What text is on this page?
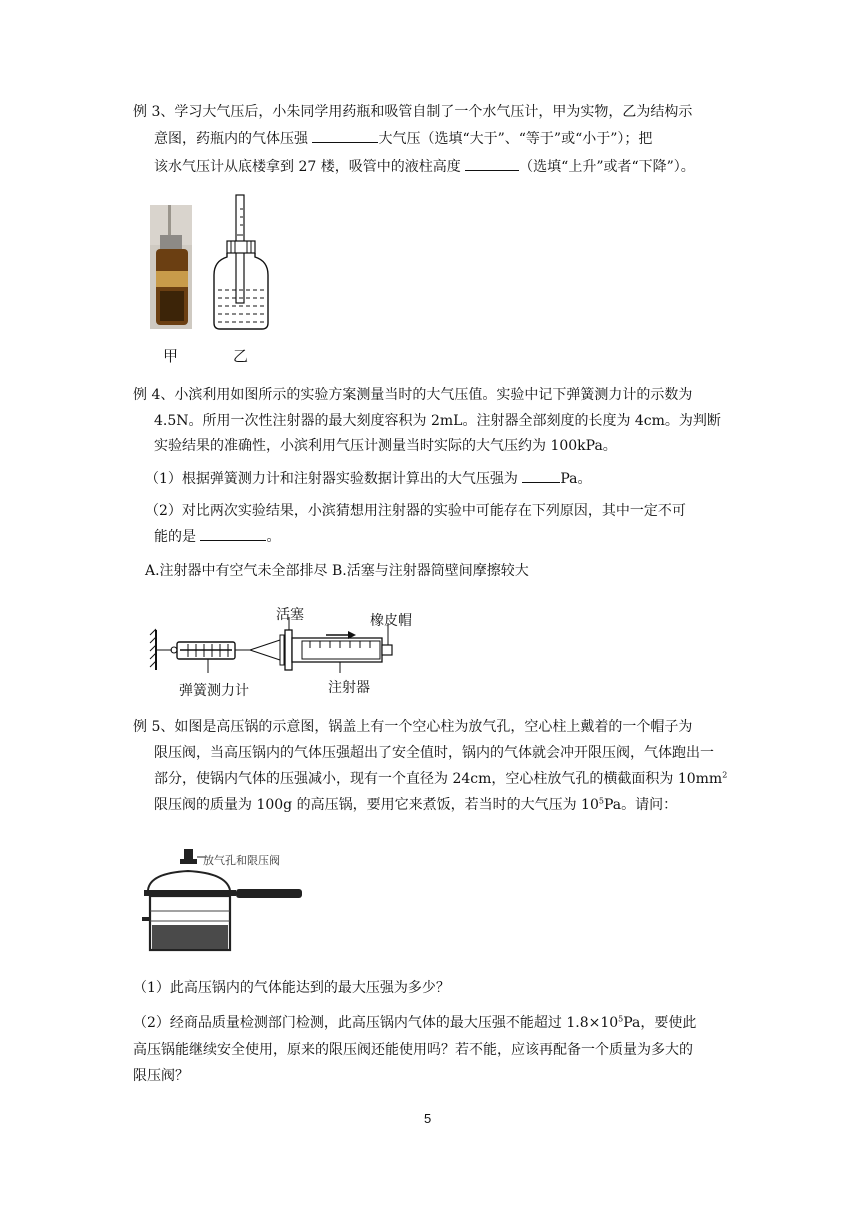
例 3、学习大气压后，小朱同学用药瓶和吸管自制了一个水气压计，甲为实物，乙为结构示
意图，药瓶内的气体压强	大气压（选填“大于”、“等于”或“小于”）；把
该水气压计从底楼拿到 27 楼，吸管中的液柱高度	（选填“上升”或者“下降”）。
甲	乙
例 4、小滨利用如图所示的实验方案测量当时的大气压值。实验中记下弹簧测力计的示数为
4.5N。所用一次性注射器的最大刻度容积为 2mL。注射器全部刻度的长度为 4cm。为判断
实验结果的准确性，小滨利用气压计测量当时实际的大气压约为 100kPa。
（1）根据弹簧测力计和注射器实验数据计算出的大气压强为	Pa。
（2）对比两次实验结果，小滨猜想用注射器的实验中可能存在下列原因，其中一定不可
能的是	。
A.注射器中有空气未全部排尽 B.活塞与注射器筒壁间摩擦较大
活塞	橡皮帽
弹簧测力计	注射器
例 5、如图是高压锅的示意图，锅盖上有一个空心柱为放气孔，空心柱上戴着的一个帽子为
限压阀，当高压锅内的气体压强超出了安全值时，锅内的气体就会冲开限压阀，气体跑出一
部分，使锅内气体的压强减小，现有一个直径为 24cm，空心柱放气孔的横截面积为 $10mm^2$
限压阀的质量为 100g 的高压锅，要用它来煮饭，若当时的大气压为 $10^5Pa$。请问：
放气孔和限压阀
（1）此高压锅内的气体能达到的最大压强为多少？
（2）经商品质量检测部门检测，此高压锅内气体的最大压强不能超过 $1.8\times 10^5Pa$，要使此
高压锅能继续安全使用，原来的限压阀还能使用吗？若不能，应该再配备一个质量为多大的
限压阀？
5
